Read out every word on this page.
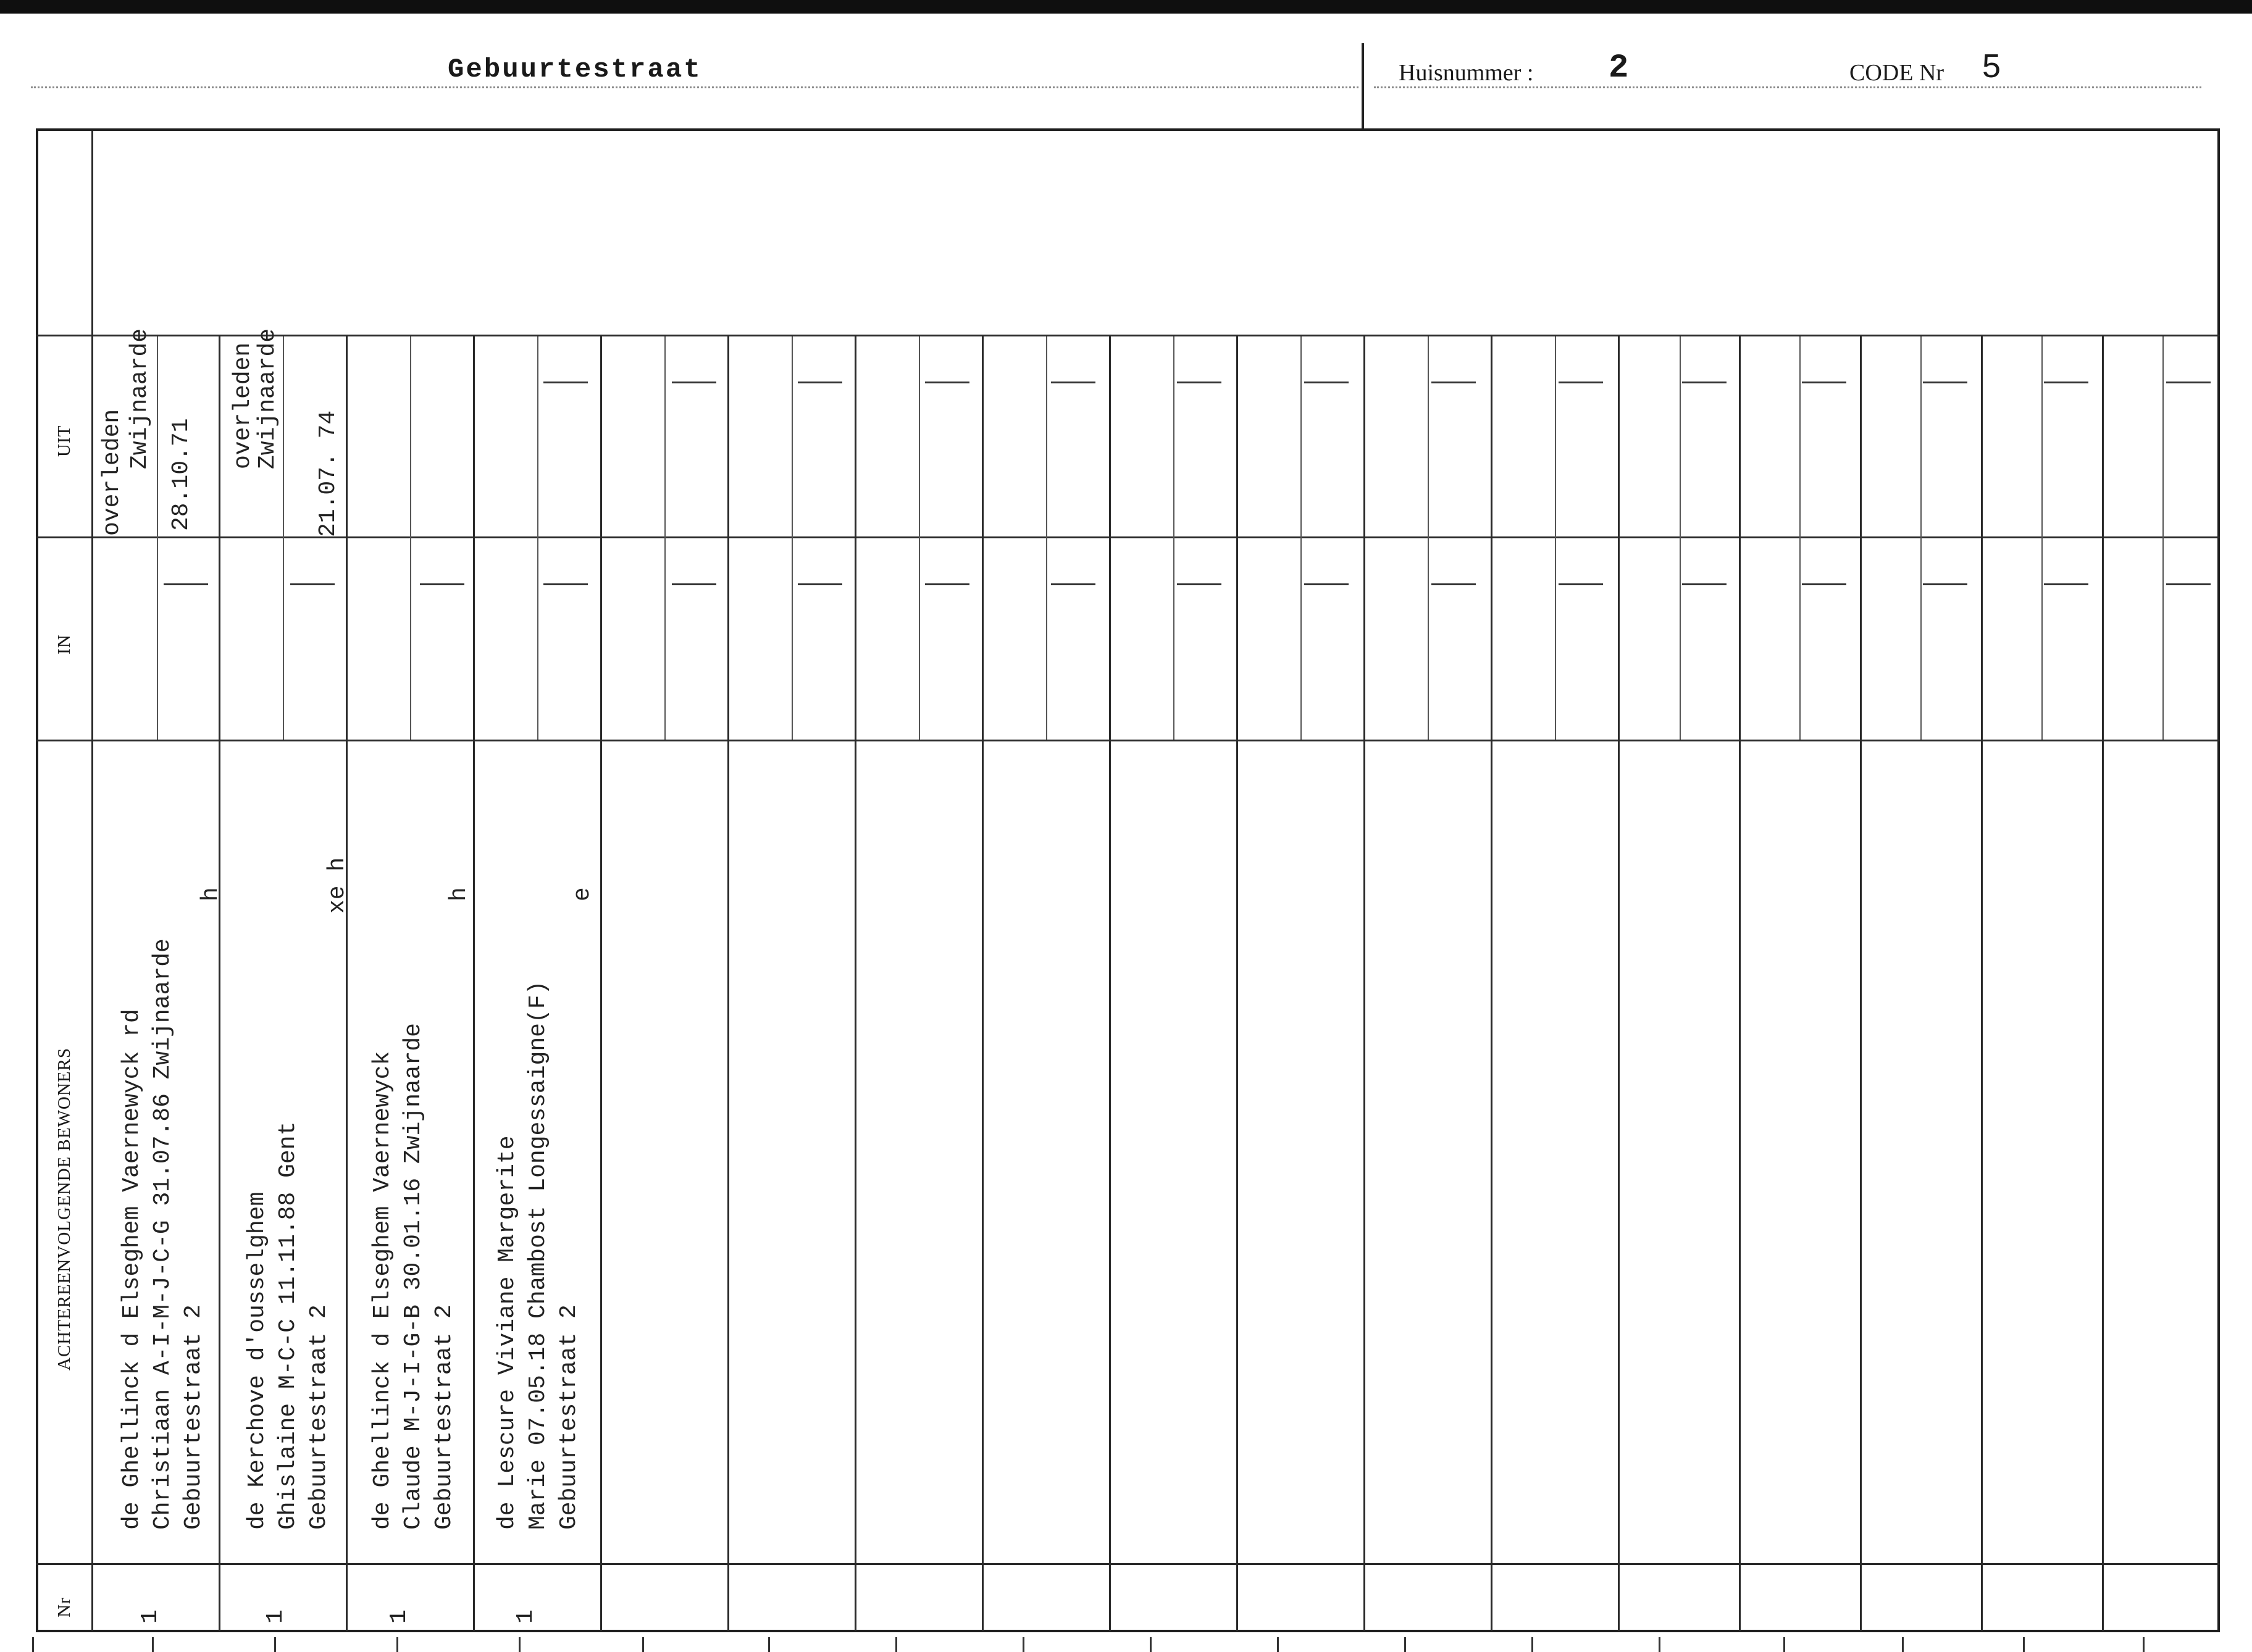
Gebuurtestraat	Huisnummer : 2	CODE Nr 5
UIT
IN
ACHTEREENVOLGENDE BEWONERS
Nr
de Ghellinck d Elseghem Vaernewyck rd Christiaan A-I-M-J-C-G 31.07.86 Zwijnaarde Gebuurtestraat 2
h
1
overleden
Zwijnaarde
28.10.71
de Kerchove d'ousselghem Ghislaine M-C-C 11.11.88 Gent Gebuurtestraat 2
xe h
1
overleden
Zwijnaarde
21.07. 74
de Ghellinck d Elseghem Vaernewyck Claude M-J-I-G-B 30.01.16 Zwijnaarde Gebuurtestraat 2
h
1
de Lescure Viviane Margerite Marie 07.05.18 Chambost Longessaigne(F) Gebuurtestraat 2
e
1
